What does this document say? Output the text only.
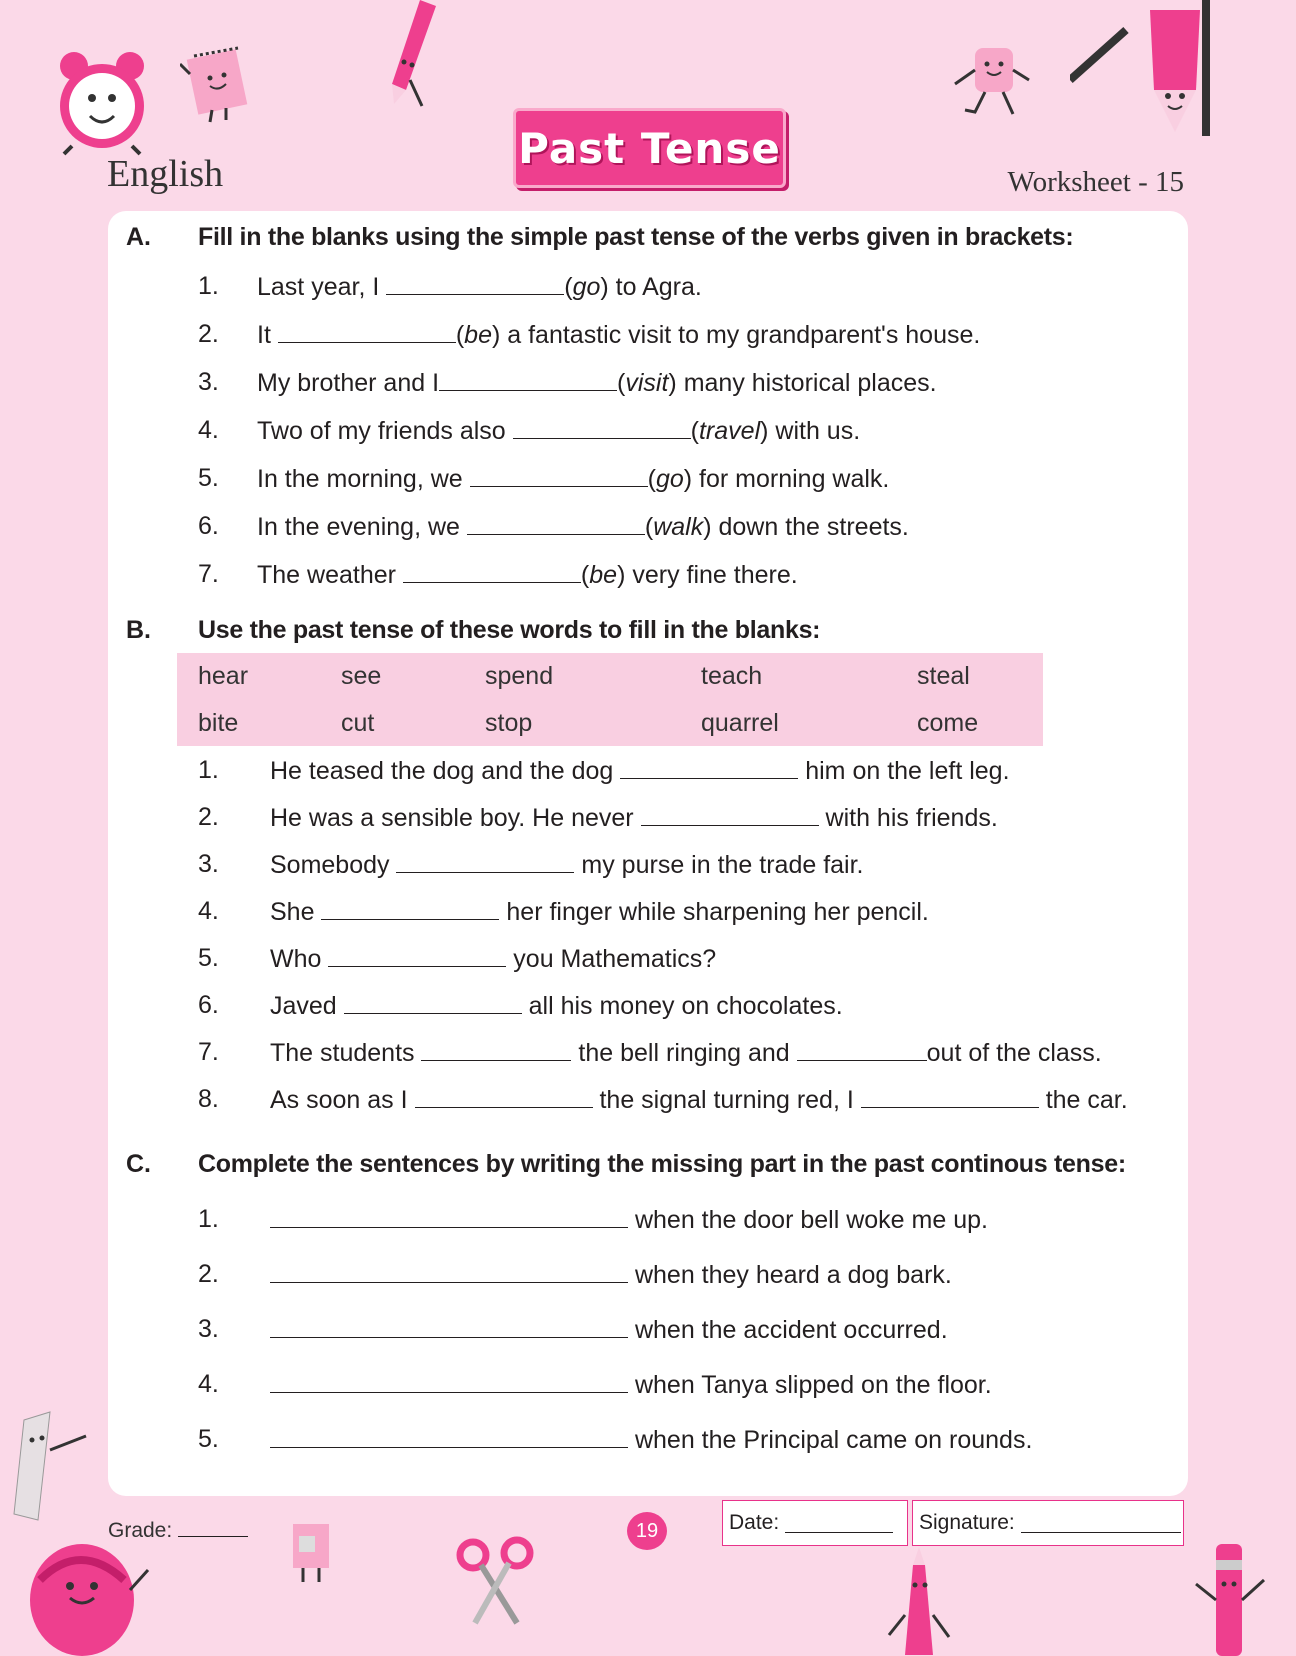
English
Past Tense
Worksheet - 15
A. Fill in the blanks using the simple past tense of the verbs given in brackets:
1. Last year, I	(go) to Agra.
2. It	(be) a fantastic visit to my grandparent's house.
3. My brother and I	(visit) many historical places.
4. Two of my friends also	(travel) with us.
5. In the morning, we	(go) for morning walk.
6. In the evening, we	(walk) down the streets.
7. The weather	(be) very fine there.
B. Use the past tense of these words to fill in the blanks:
hear	see	spend	teach	steal
bite	cut	stop	quarrel	come
1. He teased the dog and the dog	him on the left leg.
2. He was a sensible boy. He never	with his friends.
3. Somebody	my purse in the trade fair.
4. She	her finger while sharpening her pencil.
5. Who	you Mathematics?
6. Javed	all his money on chocolates.
7. The students	the bell ringing and	out of the class.
8. As soon as I	the signal turning red, I	the car.
C. Complete the sentences by writing the missing part in the past continous tense:
1.	when the door bell woke me up.
2.	when they heard a dog bark.
3.	when the accident occurred.
4.	when Tanya slipped on the floor.
5.	when the Principal came on rounds.
Grade:	19	Date:	Signature:
